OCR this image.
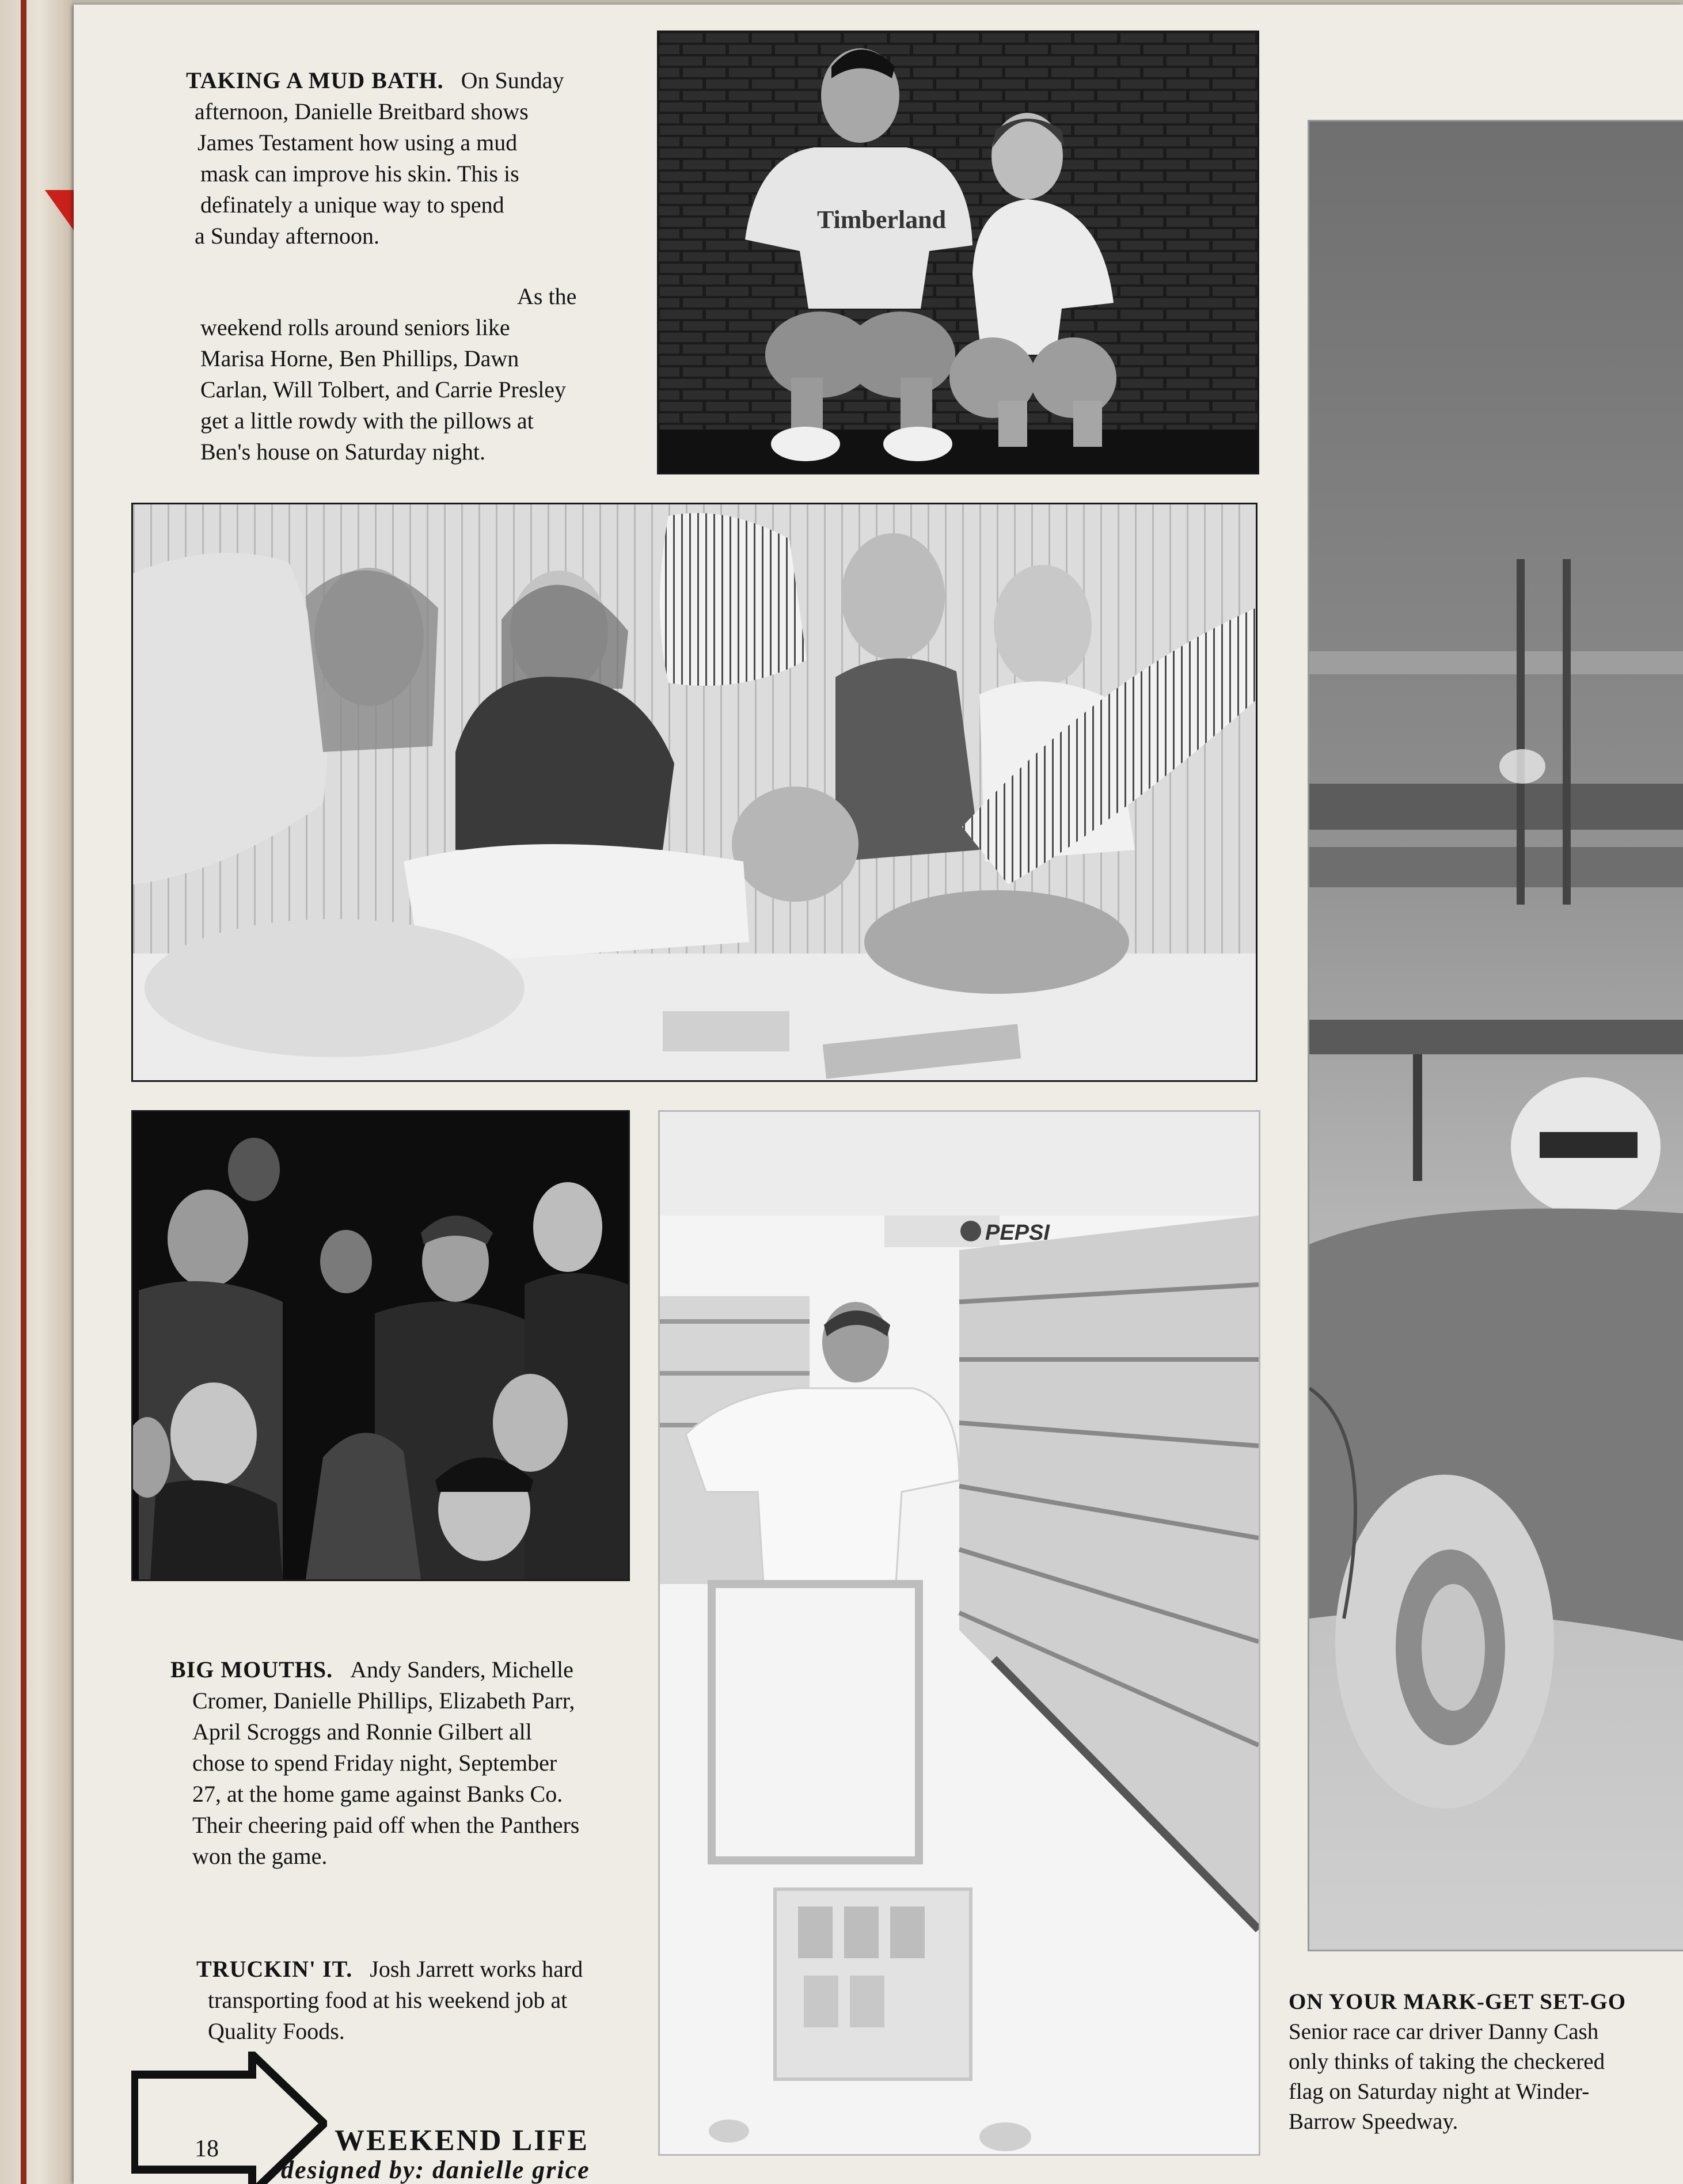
Timberland

TAKING A MUD BATH. On Sunday
afternoon, Danielle Breitbard shows
James Testament how using a mud
mask can improve his skin. This is
definately a unique way to spend
a Sunday afternoon.

As the
weekend rolls around seniors like
Marisa Horne, Ben Phillips, Dawn
Carlan, Will Tolbert, and Carrie Presley
get a little rowdy with the pillows at
Ben's house on Saturday night.

BIG MOUTHS. Andy Sanders, Michelle
Cromer, Danielle Phillips, Elizabeth Parr,
April Scroggs and Ronnie Gilbert all
chose to spend Friday night, September
27, at the home game against Banks Co.
Their cheering paid off when the Panthers
won the game.

TRUCKIN' IT. Josh Jarrett works hard
transporting food at his weekend job at
Quality Foods.

PEPSI

ON YOUR MARK-GET SET-GO
Senior race car driver Danny Cash
only thinks of taking the checkered
flag on Saturday night at Winder-
Barrow Speedway.

18	WEEKEND LIFE
designed by: danielle grice
